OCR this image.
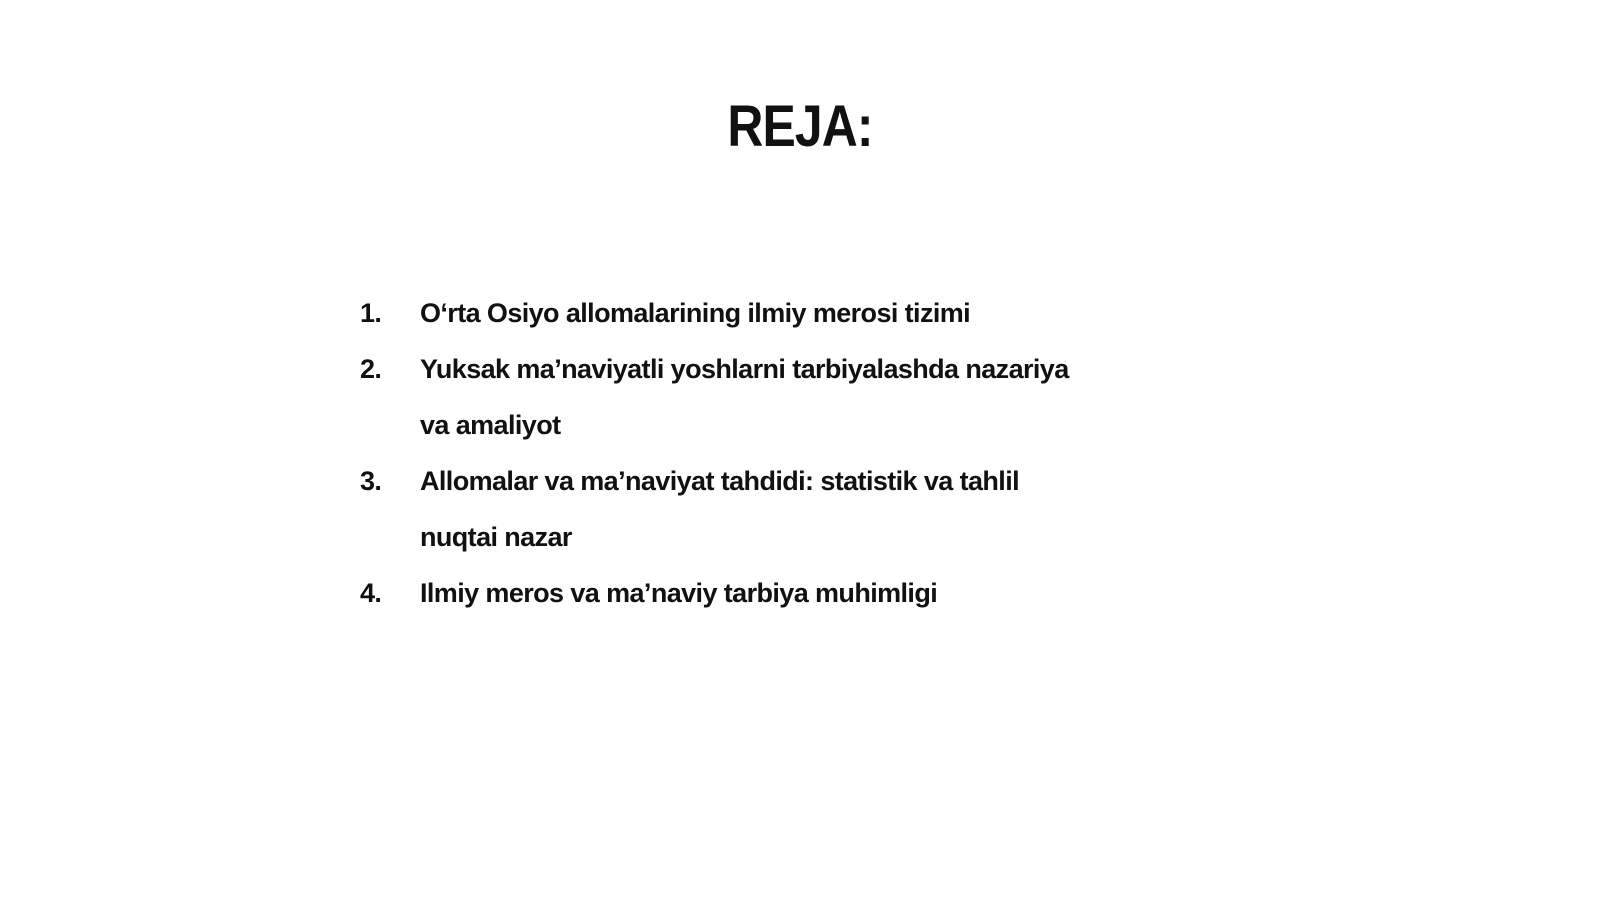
REJA:
1.	O‘rta Osiyo allomalarining ilmiy merosi tizimi
2.	Yuksak ma’naviyatli yoshlarni tarbiyalashda nazariya va amaliyot
3.	Allomalar va ma’naviyat tahdidi: statistik va tahlil nuqtai nazar
4.	Ilmiy meros va ma’naviy tarbiya muhimligi
